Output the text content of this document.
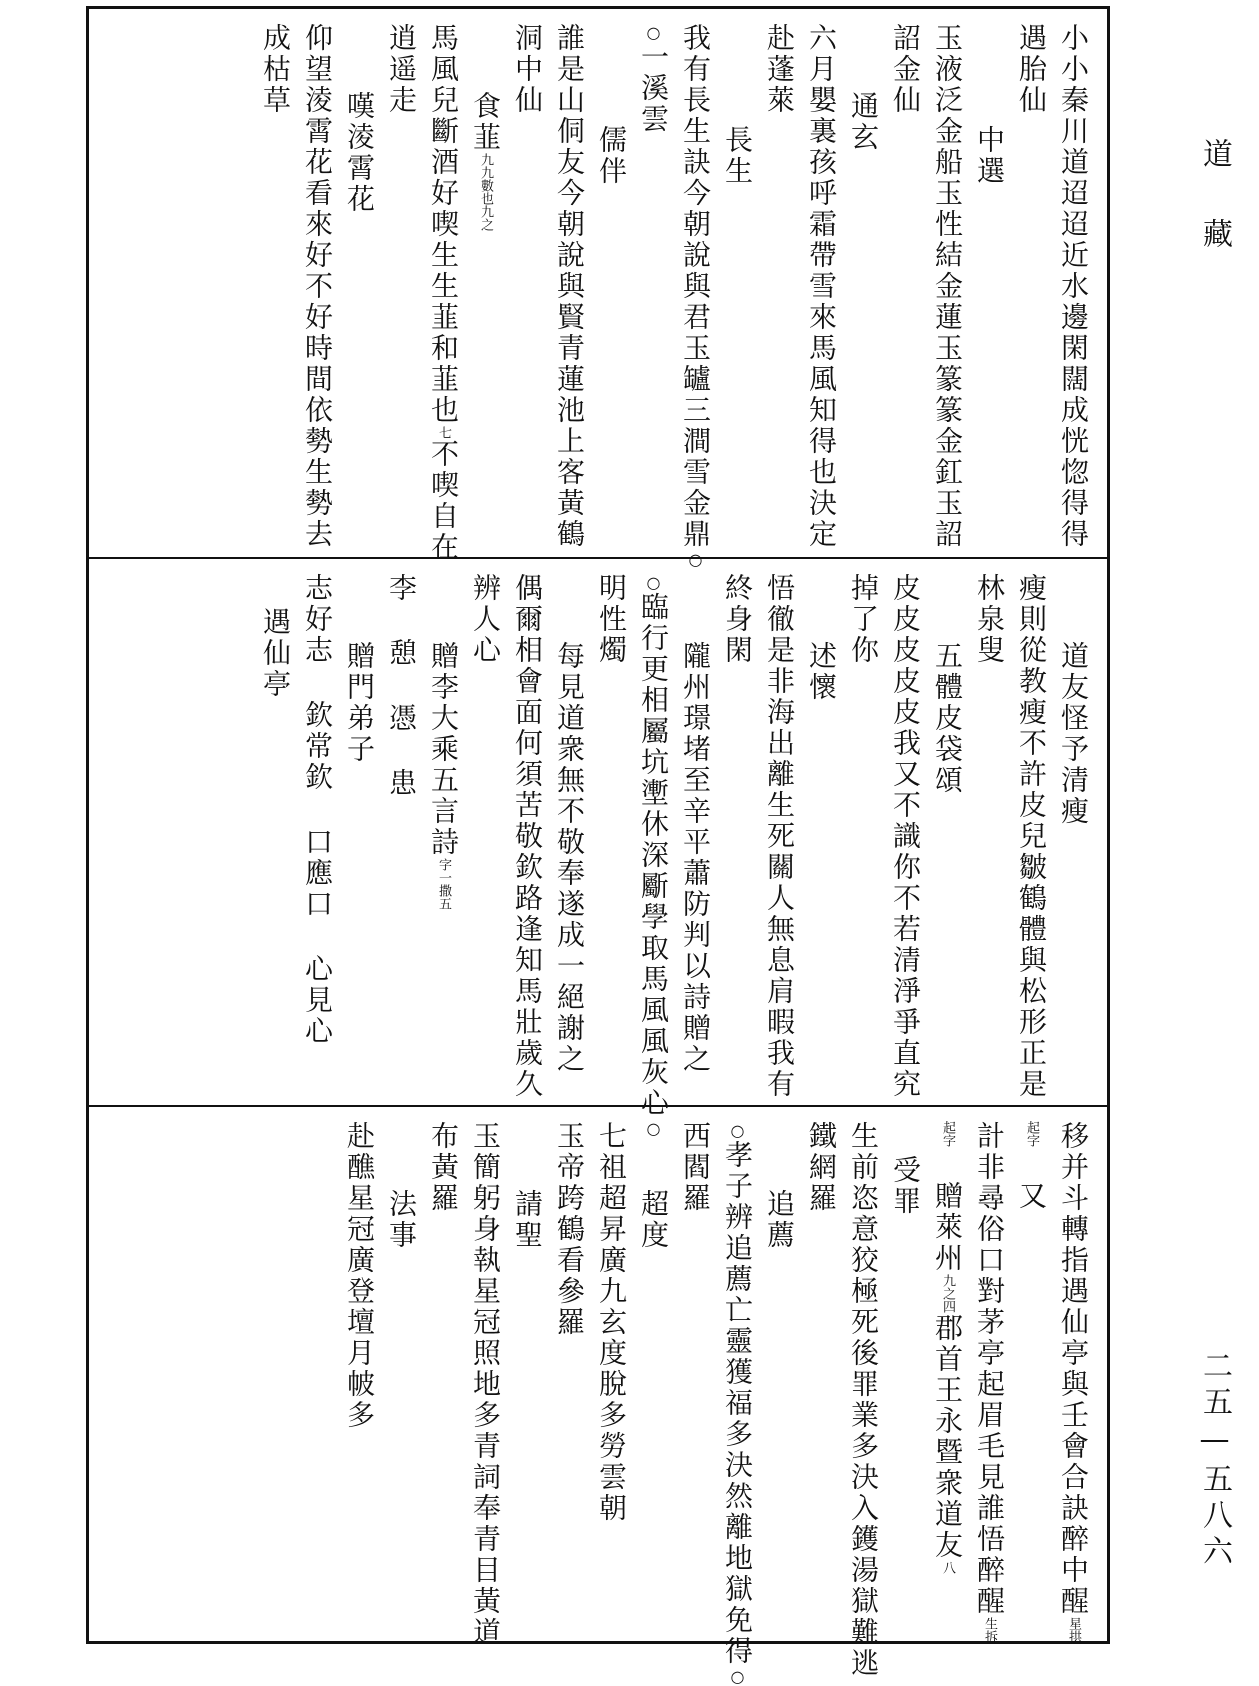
道藏
二五—五八六
小小秦川道迢迢近水邊閑闊成恍惚得得
遇胎仙
中選
玉液泛金船玉性結金蓮玉篆篆金釭玉詔
詔金仙
通玄
六月嬰裏孩呼霜帶雪來馬風知得也決定
赴蓬萊
長生
我有長生訣今朝說與君玉罏三澗雪金鼎○
○一溪雲
儒伴
誰是山侗友今朝說與賢青蓮池上客黃鶴
洞中仙
食韮九九數也九之
馬風兒斷酒好喫生生韮和韮也七不喫自在
逍遥走
嘆淩霄花
仰望淩霄花看來好不好時間依勢生勢去
成枯草
道友怪予清瘦
瘦則從教瘦不許皮兒皺鶴體與松形正是
林泉叟
五體皮袋頌
皮皮皮皮皮我又不識你不若清淨爭直究
掉了你
述懷
悟徹是非海出離生死關人無息肩暇我有
終身閑
隴州璟堵至辛平蕭防判以詩贈之
○臨行更相屬坑壍休深斸學取馬風風灰心○
明性燭
每見道衆無不敬奉遂成一絕謝之
偶爾相會面何須苦敬欽路逢知馬壯歲久
辨人心
贈李大乘五言詩字一撒五
李憩憑患
贈門弟子
志好志欽常欽口應口心見心
遇仙亭
移并斗轉指遇仙亭與壬會合訣醉中醒星拱
起字又
計非尋俗口對茅亭起眉毛見誰悟醉醒生拆
起字贈萊州九之四郡首王永暨衆道友八
受罪
生前恣意狡極死後罪業多決入鑊湯獄難逃
鐵網羅
追薦
○孝子辨追薦亡靈獲福多決然離地獄免得○
西閻羅
超度
七祖超昇廣九玄度脫多勞雲朝
玉帝跨鶴看參羅
請聖
玉簡躬身執星冠照地多青詞奉青目黃道
布黃羅
法事
赴醮星冠廣登壇月帔多
